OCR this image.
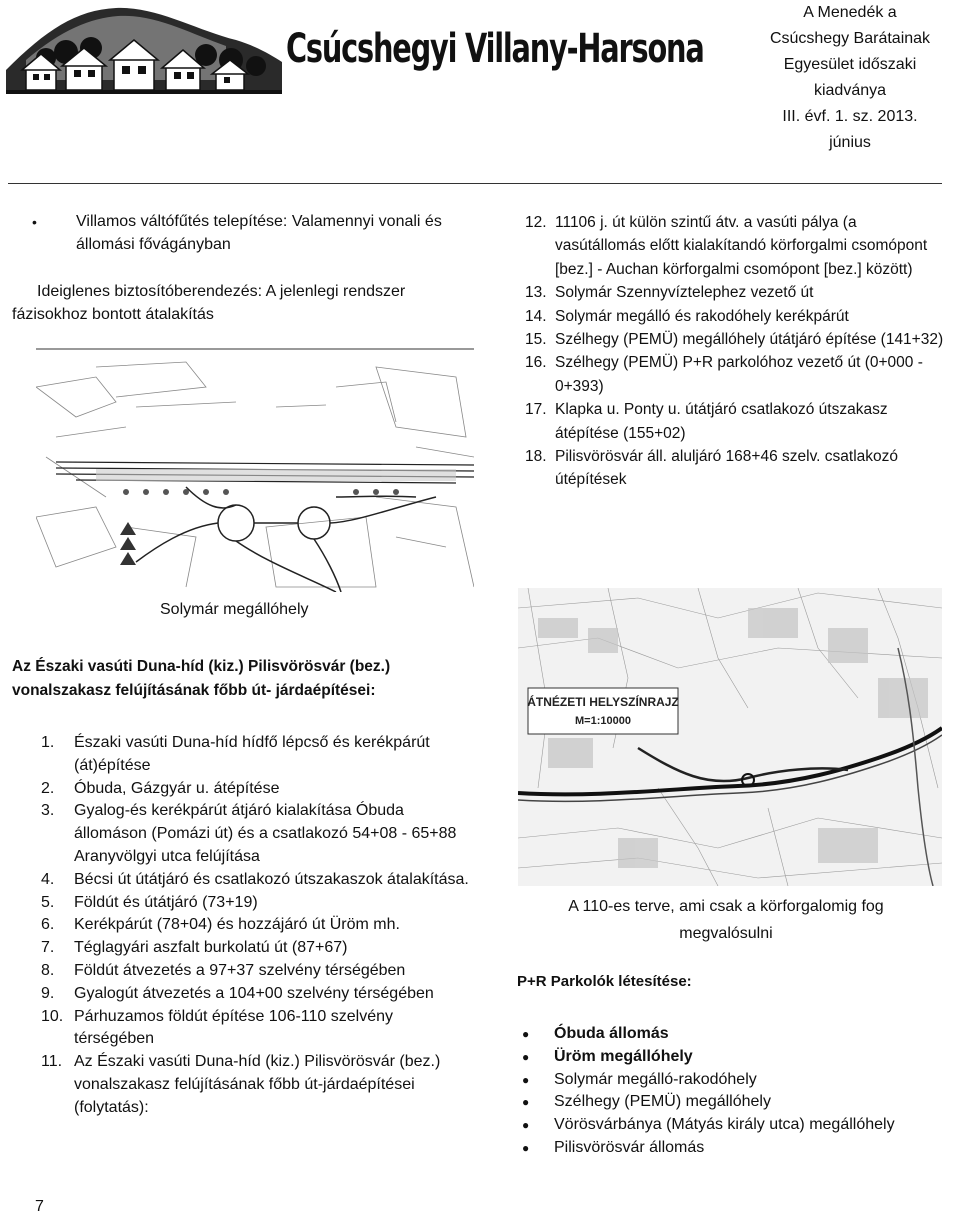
Csúcshegyi Villany-Harsona
A Menedék a
Csúcshegy Barátainak
Egyesület időszaki
kiadványa
III. évf. 1. sz. 2013.
június
• Villamos váltófűtés telepítése: Valamennyi vonali és állomási fővágányban
Ideiglenes biztosítóberendezés: A jelenlegi rendszer fázisokhoz bontott átalakítás
Solymár megállóhely
Az Északi vasúti Duna-híd (kiz.) Pilisvörösvár (bez.) vonalszakasz felújításának főbb út- járdaépítései:
1. Északi vasúti Duna-híd hídfő lépcső és kerékpárút (át)építése
2. Óbuda, Gázgyár u. átépítése
3. Gyalog-és kerékpárút átjáró kialakítása Óbuda állomáson (Pomázi út) és a csatlakozó 54+08 - 65+88 Aranyvölgyi utca felújítása
4. Bécsi út útátjáró és csatlakozó útszakaszok átalakítása.
5. Földút és útátjáró (73+19)
6. Kerékpárút (78+04) és hozzájáró út Üröm mh.
7. Téglagyári aszfalt burkolatú út (87+67)
8. Földút átvezetés a 97+37 szelvény térségében
9. Gyalogút átvezetés a 104+00 szelvény térségében
10. Párhuzamos földút építése 106-110 szelvény térségében
11. Az Északi vasúti Duna-híd (kiz.) Pilisvörösvár (bez.) vonalszakasz felújításának főbb út-járdaépítései (folytatás):
12. 11106 j. út külön szintű átv. a vasúti pálya (a vasútállomás előtt kialakítandó körforgalmi csomópont [bez.] - Auchan körforgalmi csomópont [bez.] között)
13. Solymár Szennyvíztelephez vezető út
14. Solymár megálló és rakodóhely kerékpárút
15. Szélhegy (PEMÜ) megállóhely útátjáró építése (141+32)
16. Szélhegy (PEMÜ) P+R parkolóhoz vezető út (0+000 - 0+393)
17. Klapka u. Ponty u. útátjáró csatlakozó útszakasz átépítése (155+02)
18. Pilisvörösvár áll. aluljáró 168+46 szelv. csatlakozó útépítések
ÁTNÉZETI HELYSZÍNRAJZ
M=1:10000
A 110-es terve, ami csak a körforgalomig fog megvalósulni
P+R Parkolók létesítése:
● Óbuda állomás
● Üröm megállóhely
● Solymár megálló-rakodóhely
● Szélhegy (PEMÜ) megállóhely
● Vörösvárbánya (Mátyás király utca) megállóhely
● Pilisvörösvár állomás
7
